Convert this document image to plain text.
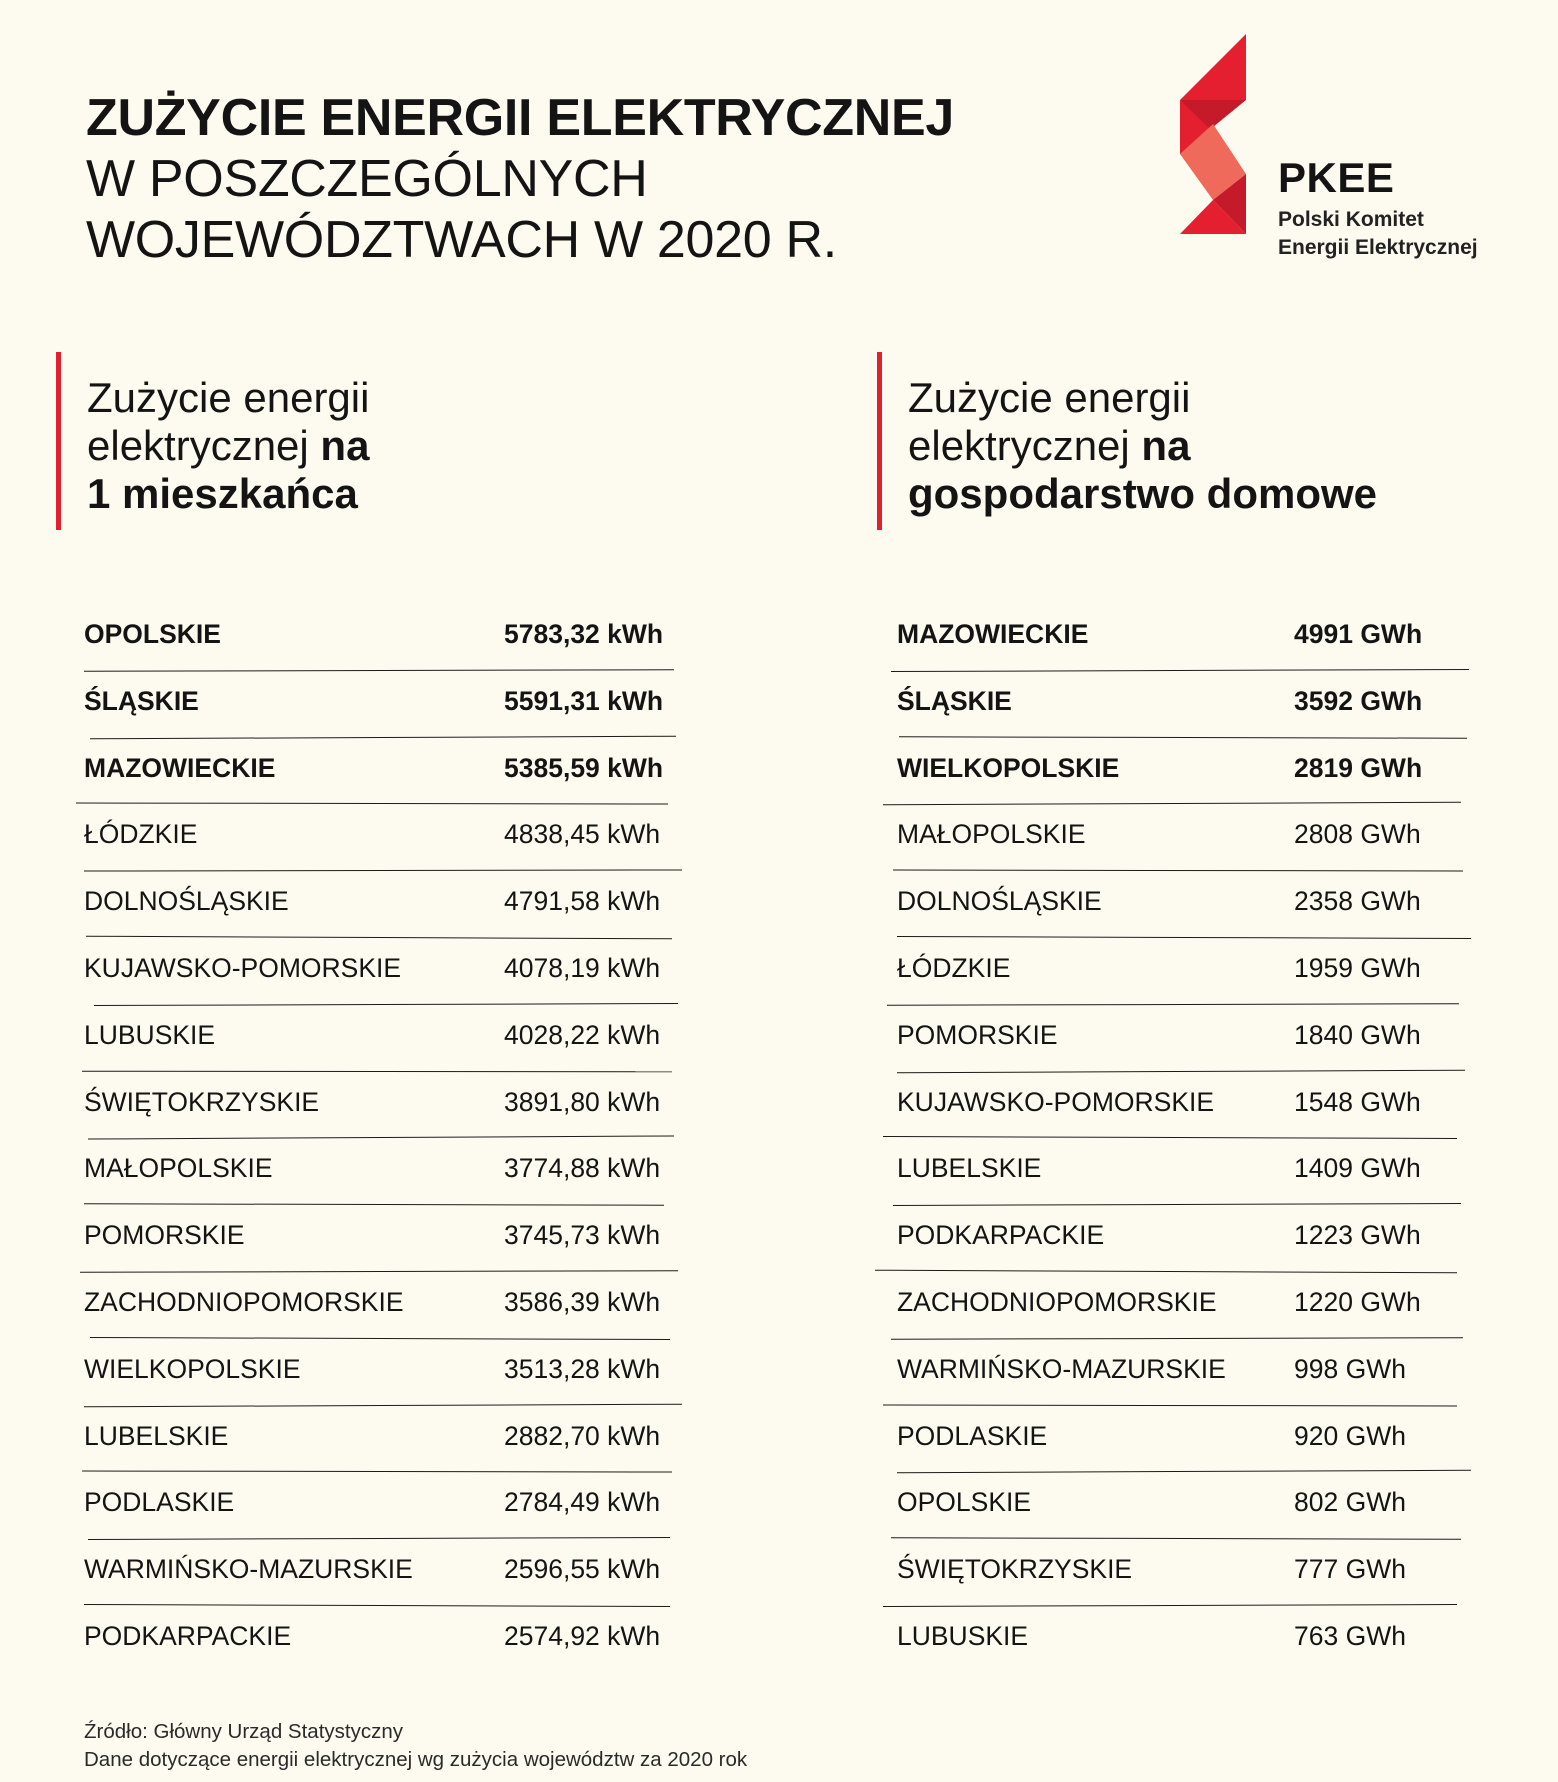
ZUŻYCIE ENERGII ELEKTRYCZNEJ
W POSZCZEGÓLNYCH
WOJEWÓDZTWACH W 2020 R.
PKEE
Polski Komitet
Energii Elektrycznej
Zużycie energii
elektrycznej na
1 mieszkańca
Zużycie energii
elektrycznej na
gospodarstwo domowe
OPOLSKIE	5783,32 kWh
ŚLĄSKIE	5591,31 kWh
MAZOWIECKIE	5385,59 kWh
ŁÓDZKIE	4838,45 kWh
DOLNOŚLĄSKIE	4791,58 kWh
KUJAWSKO-POMORSKIE	4078,19 kWh
LUBUSKIE	4028,22 kWh
ŚWIĘTOKRZYSKIE	3891,80 kWh
MAŁOPOLSKIE	3774,88 kWh
POMORSKIE	3745,73 kWh
ZACHODNIOPOMORSKIE	3586,39 kWh
WIELKOPOLSKIE	3513,28 kWh
LUBELSKIE	2882,70 kWh
PODLASKIE	2784,49 kWh
WARMIŃSKO-MAZURSKIE	2596,55 kWh
PODKARPACKIE	2574,92 kWh
MAZOWIECKIE	4991 GWh
ŚLĄSKIE	3592 GWh
WIELKOPOLSKIE	2819 GWh
MAŁOPOLSKIE	2808 GWh
DOLNOŚLĄSKIE	2358 GWh
ŁÓDZKIE	1959 GWh
POMORSKIE	1840 GWh
KUJAWSKO-POMORSKIE	1548 GWh
LUBELSKIE	1409 GWh
PODKARPACKIE	1223 GWh
ZACHODNIOPOMORSKIE	1220 GWh
WARMIŃSKO-MAZURSKIE	998 GWh
PODLASKIE	920 GWh
OPOLSKIE	802 GWh
ŚWIĘTOKRZYSKIE	777 GWh
LUBUSKIE	763 GWh
Źródło: Główny Urząd Statystyczny
Dane dotyczące energii elektrycznej wg zużycia województw za 2020 rok
